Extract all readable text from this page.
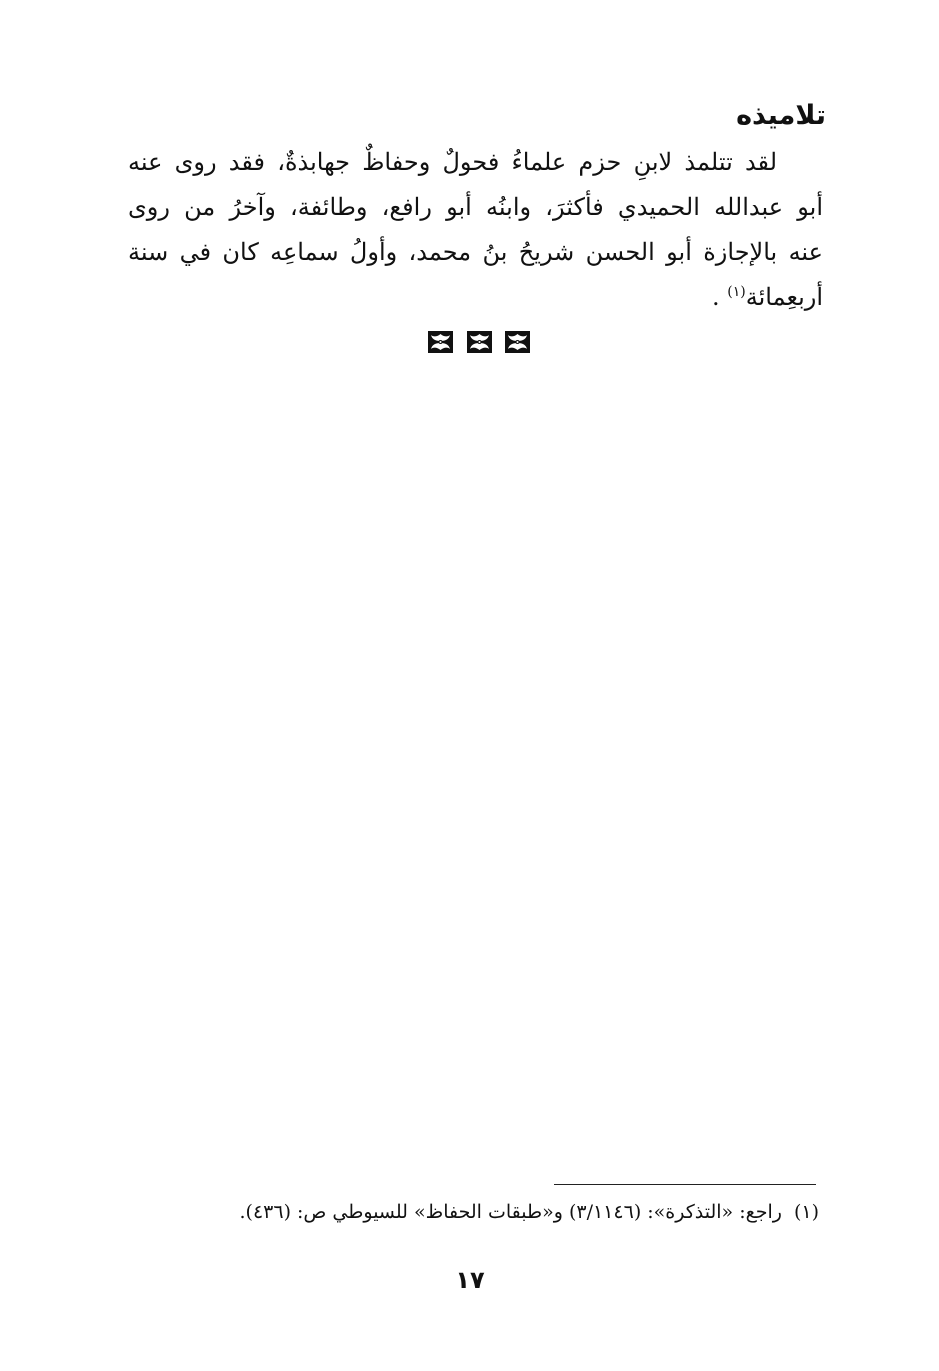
تلاميذه
لقد تتلمذ لابنِ حزم علماءُ فحولٌ وحفاظٌ جهابذةٌ، فقد روى عنه
أبو عبدالله الحميدي فأكثرَ، وابنُه أبو رافع، وطائفة، وآخرُ من روى
عنه بالإجازة أبو الحسن شريحُ بنُ محمد، وأولُ سماعِه كان في سنة
أربعِمائة$^{(١)}$ .
(١)راجع: «التذكرة»: (٣/١١٤٦) و«طبقات الحفاظ» للسيوطي ص: (٤٣٦).
١٧
